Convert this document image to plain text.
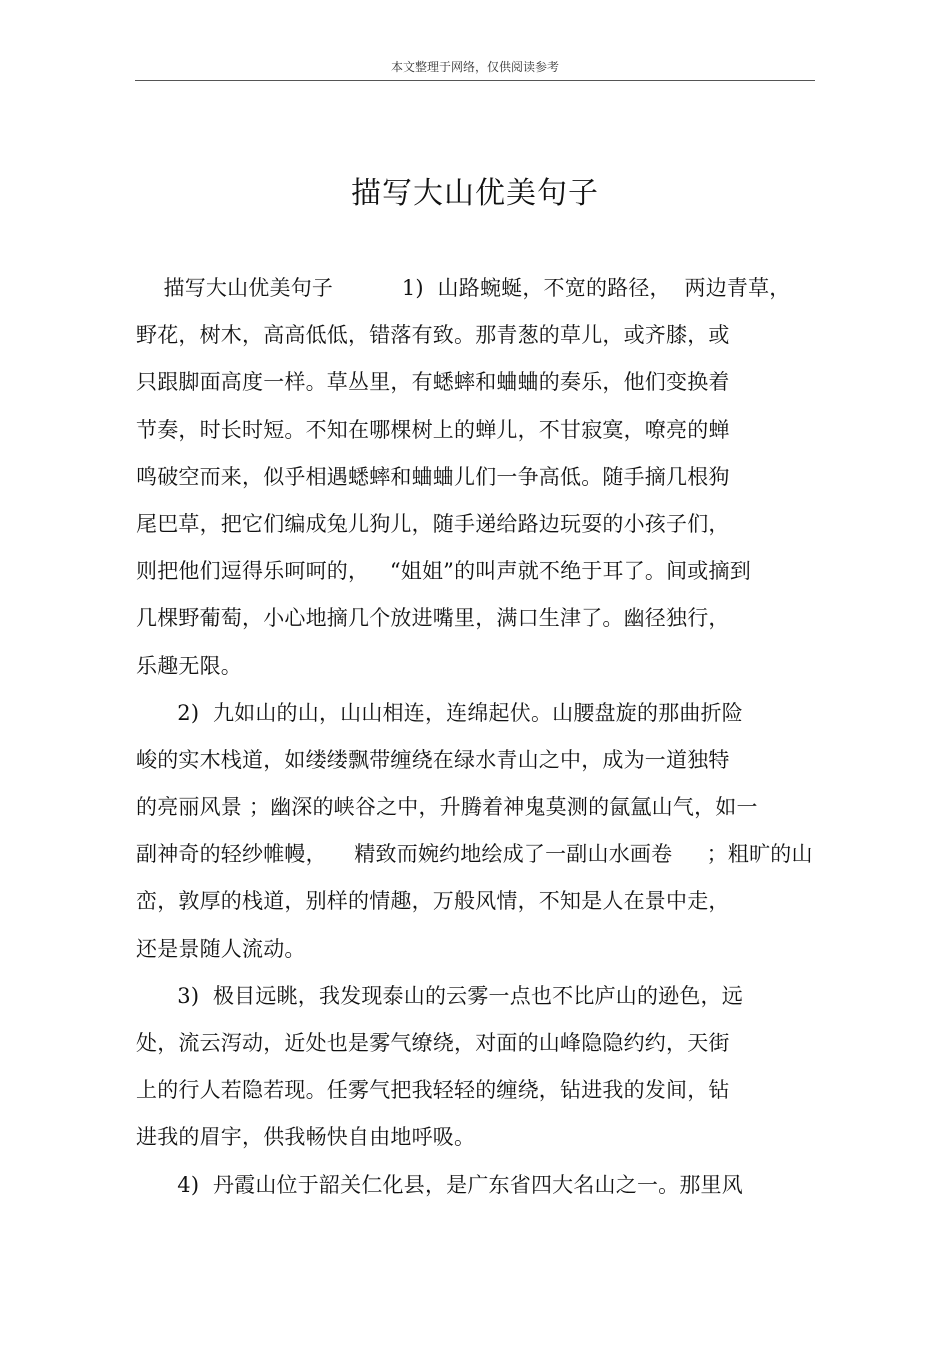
本文整理于网络，仅供阅读参考
描写大山优美句子
描写大山优美句子          1)  山路蜿蜒，不宽的路径，  两边青草，
野花，树木，高高低低，错落有致。那青葱的草儿，或齐膝，或
只跟脚面高度一样。草丛里，有蟋蟀和蛐蛐的奏乐，他们变换着
节奏，时长时短。不知在哪棵树上的蝉儿，不甘寂寞，嘹亮的蝉
鸣破空而来，似乎相遇蟋蟀和蛐蛐儿们一争高低。随手摘几根狗
尾巴草，把它们编成兔儿狗儿，随手递给路边玩耍的小孩子们，
则把他们逗得乐呵呵的，   “姐姐”的叫声就不绝于耳了。间或摘到
几棵野葡萄，小心地摘几个放进嘴里，满口生津了。幽径独行，
乐趣无限。
2)  九如山的山，山山相连，连绵起伏。山腰盘旋的那曲折险
峻的实木栈道，如缕缕飘带缠绕在绿水青山之中，成为一道独特
的亮丽风景 ；幽深的峡谷之中，升腾着神鬼莫测的氤氲山气，如一
副神奇的轻纱帷幔，    精致而婉约地绘成了一副山水画卷     ；粗旷的山
峦，敦厚的栈道，别样的情趣，万般风情，不知是人在景中走，
还是景随人流动。
3)  极目远眺，我发现泰山的云雾一点也不比庐山的逊色，远
处，流云泻动，近处也是雾气缭绕，对面的山峰隐隐约约，天街
上的行人若隐若现。任雾气把我轻轻的缠绕，钻进我的发间，钻
进我的眉宇，供我畅快自由地呼吸。
4)  丹霞山位于韶关仁化县，是广东省四大名山之一。那里风
